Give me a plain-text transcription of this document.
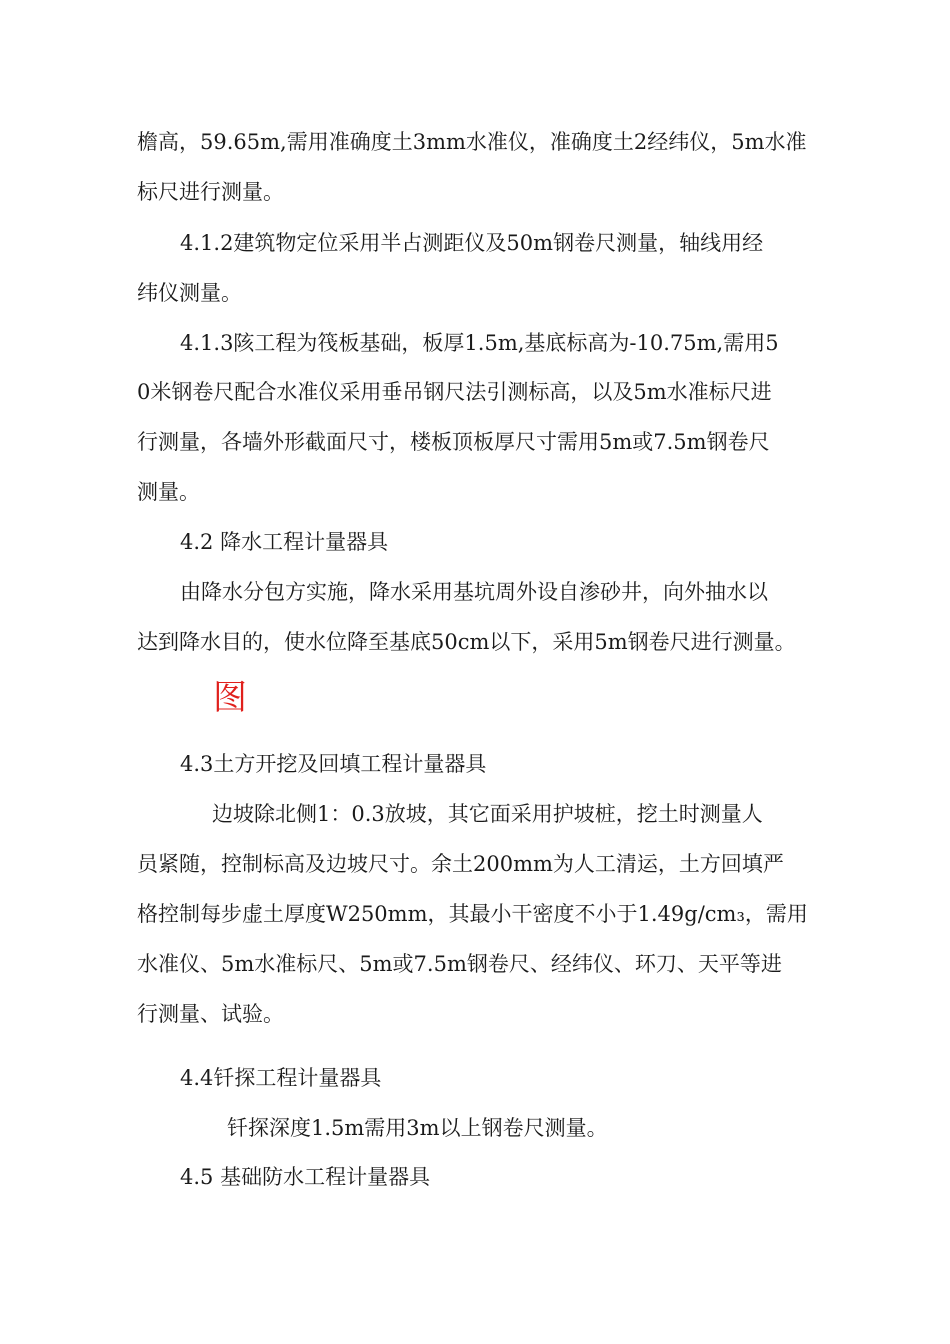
檐高，59.65m,需用准确度土3mm水准仪，准确度土2经纬仪，5m水准
标尺进行测量。
4.1.2建筑物定位采用半占测距仪及50m钢卷尺测量，轴线用经
纬仪测量。
4.1.3陔工程为筏板基础，板厚1.5m,基底标高为-10.75m,需用5
0米钢卷尺配合水准仪采用垂吊钢尺法引测标高，以及5m水准标尺进
行测量，各墙外形截面尺寸，楼板顶板厚尺寸需用5m或7.5m钢卷尺
测量。
4.2 降水工程计量器具
由降水分包方实施，降水采用基坑周外设自渗砂井，向外抽水以
达到降水目的，使水位降至基底50cm以下，采用5m钢卷尺进行测量。
图
4.3土方开挖及回填工程计量器具
边坡除北侧1：0.3放坡，其它面采用护坡桩，挖土时测量人
员紧随，控制标高及边坡尺寸。余土200mm为人工清运，土方回填严
格控制每步虚土厚度W250mm，其最小干密度不小于1.49g/cm₃，需用
水准仪、5m水准标尺、5m或7.5m钢卷尺、经纬仪、环刀、天平等进
行测量、试验。
4.4钎探工程计量器具
钎探深度1.5m需用3m以上钢卷尺测量。
4.5 基础防水工程计量器具
